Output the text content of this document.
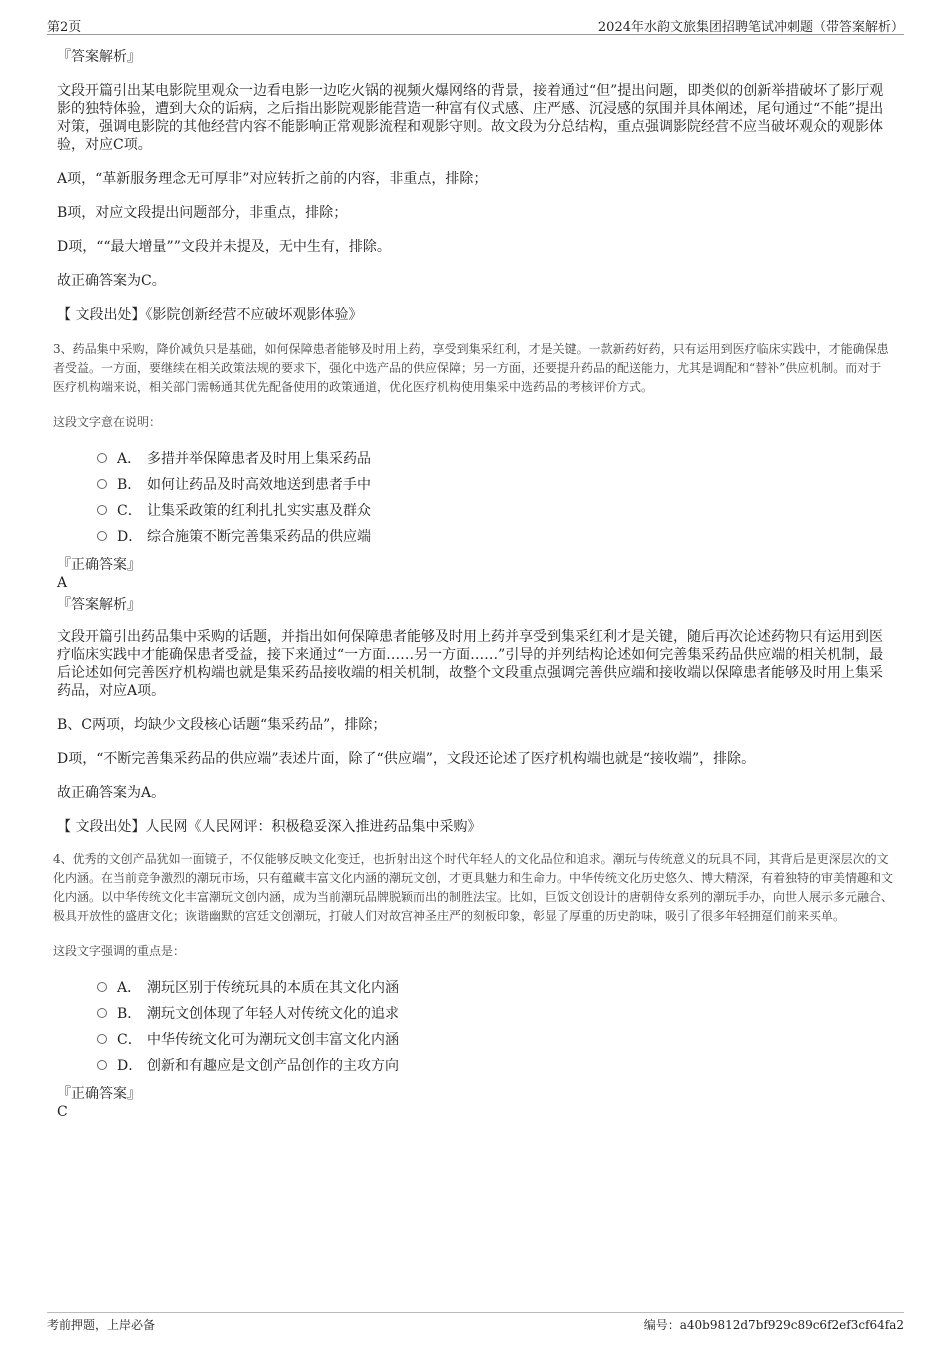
第2页	2024年水韵文旅集团招聘笔试冲刺题（带答案解析）

『答案解析』

文段开篇引出某电影院里观众一边看电影一边吃火锅的视频火爆网络的背景，接着通过“但”提出问题，即类似的创新举措破坏了影厅观影的独特体验，遭到大众的诟病，之后指出影院观影能营造一种富有仪式感、庄严感、沉浸感的氛围并具体阐述，尾句通过“不能”提出对策，强调电影院的其他经营内容不能影响正常观影流程和观影守则。故文段为分总结构，重点强调影院经营不应当破坏观众的观影体验，对应C项。

A项，“革新服务理念无可厚非”对应转折之前的内容，非重点，排除；

B项，对应文段提出问题部分，非重点，排除；

D项，““最大增量””文段并未提及，无中生有，排除。

故正确答案为C。

【 文段出处】《影院创新经营不应破坏观影体验》

3、药品集中采购，降价减负只是基础，如何保障患者能够及时用上药，享受到集采红利，才是关键。一款新药好药，只有运用到医疗临床实践中，才能确保患者受益。一方面，要继续在相关政策法规的要求下，强化中选产品的供应保障；另一方面，还要提升药品的配送能力，尤其是调配和“替补”供应机制。而对于医疗机构端来说，相关部门需畅通其优先配备使用的政策通道，优化医疗机构使用集采中选药品的考核评价方式。

这段文字意在说明：

A． 多措并举保障患者及时用上集采药品
B． 如何让药品及时高效地送到患者手中
C． 让集采政策的红利扎扎实实惠及群众
D． 综合施策不断完善集采药品的供应端

『正确答案』

A

『答案解析』

文段开篇引出药品集中采购的话题，并指出如何保障患者能够及时用上药并享受到集采红利才是关键，随后再次论述药物只有运用到医疗临床实践中才能确保患者受益，接下来通过“一方面……另一方面……”引导的并列结构论述如何完善集采药品供应端的相关机制，最后论述如何完善医疗机构端也就是集采药品接收端的相关机制，故整个文段重点强调完善供应端和接收端以保障患者能够及时用上集采药品，对应A项。

B、C两项，均缺少文段核心话题“集采药品”，排除；

D项，“不断完善集采药品的供应端”表述片面，除了“供应端”，文段还论述了医疗机构端也就是“接收端”，排除。

故正确答案为A。

【 文段出处】人民网《人民网评：积极稳妥深入推进药品集中采购》

4、优秀的文创产品犹如一面镜子，不仅能够反映文化变迁，也折射出这个时代年轻人的文化品位和追求。潮玩与传统意义的玩具不同，其背后是更深层次的文化内涵。在当前竞争激烈的潮玩市场，只有蕴藏丰富文化内涵的潮玩文创，才更具魅力和生命力。中华传统文化历史悠久、博大精深，有着独特的审美情趣和文化内涵。以中华传统文化丰富潮玩文创内涵，成为当前潮玩品牌脱颖而出的制胜法宝。比如，巨饭文创设计的唐朝侍女系列的潮玩手办，向世人展示多元融合、极具开放性的盛唐文化；诙谐幽默的宫廷文创潮玩，打破人们对故宫神圣庄严的刻板印象，彰显了厚重的历史韵味，吸引了很多年轻拥趸们前来买单。

这段文字强调的重点是：

A． 潮玩区别于传统玩具的本质在其文化内涵
B． 潮玩文创体现了年轻人对传统文化的追求
C． 中华传统文化可为潮玩文创丰富文化内涵
D． 创新和有趣应是文创产品创作的主攻方向

『正确答案』

C

考前押题，上岸必备	编号：a40b9812d7bf929c89c6f2ef3cf64fa2
